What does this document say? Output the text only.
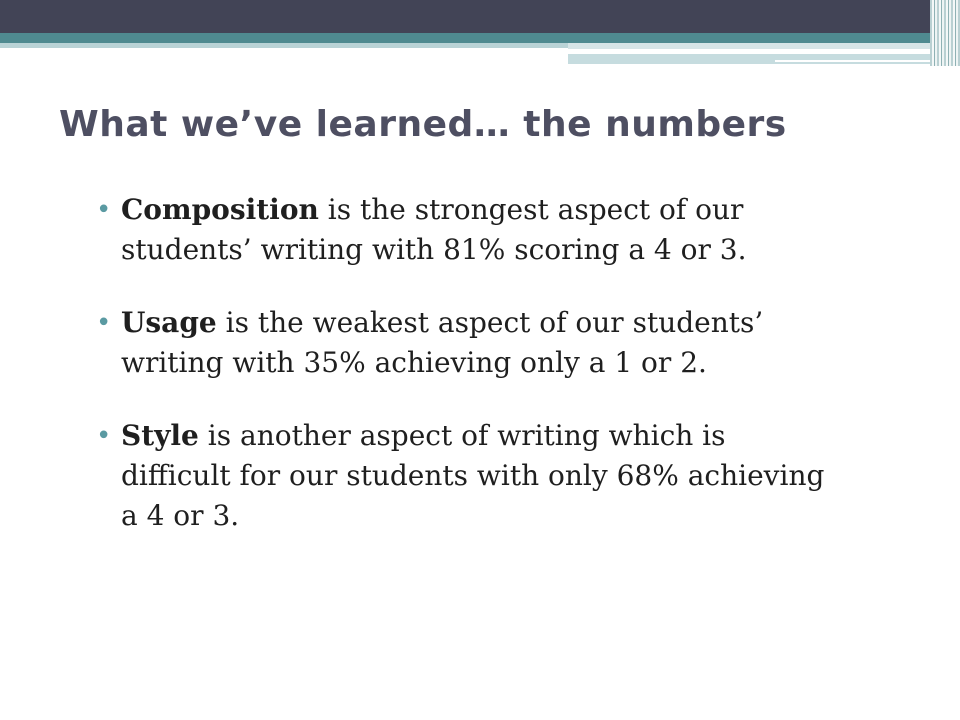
What we’ve learned… the numbers
• Composition is the strongest aspect of our students’ writing with 81% scoring a 4 or 3.
• Usage is the weakest aspect of our students’ writing with 35% achieving only a 1 or 2.
• Style is another aspect of writing which is difficult for our students with only 68% achieving a 4 or 3.
